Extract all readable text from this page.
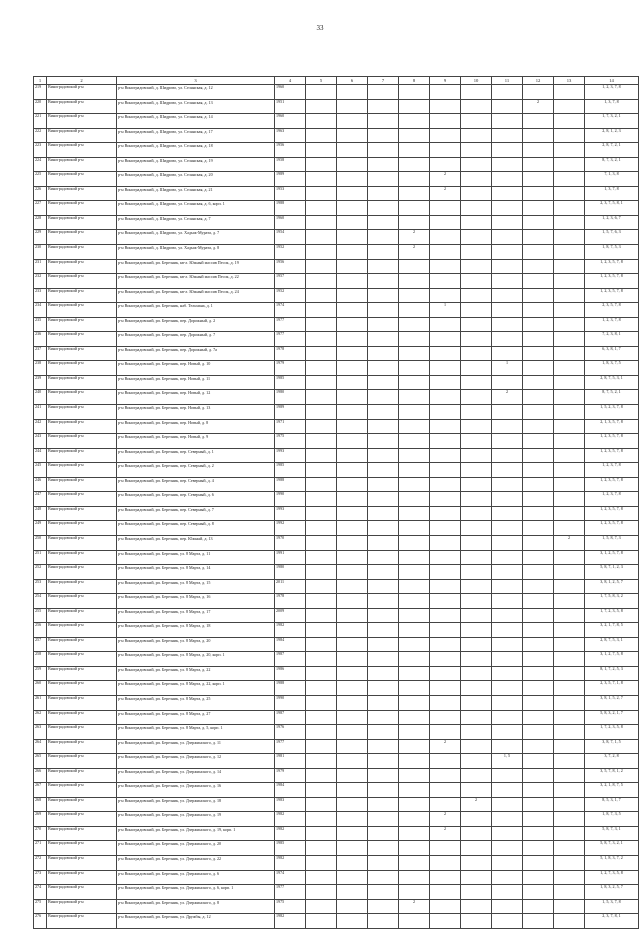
33
1	2	3	4	5	6	7	8	9	10	11	12	13	14
219	Виноградовский р-н	р-н Виноградовский, д. Шидрово, ул. Селянская, д. 12	1960										1, 2, 3, 7, 8
220	Виноградовский р-н	р-н Виноградовский, д. Шидрово, ул. Селянская, д. 13	1951								2		1, 3, 7, 8
221	Виноградовский р-н	р-н Виноградовский, д. Шидрово, ул. Селянская, д. 14	1960										1, 7, 3, 2, 1
222	Виноградовский р-н	р-н Виноградовский, д. Шидрово, ул. Селянская, д. 17	1963										2, 8, 1, 2, 3
223	Виноградовский р-н	р-н Виноградовский, д. Шидрово, ул. Селянская, д. 18	1956										2, 8, 7, 2, 1
224	Виноградовский р-н	р-н Виноградовский, д. Шидрово, ул. Селянская, д. 19	1958										8, 7, 3, 2, 1
225	Виноградовский р-н	р-н Виноградовский, д. Шидрово, ул. Селянская, д. 20	1989					2					7, 1, 3, 8
226	Виноградовский р-н	р-н Виноградовский, д. Шидрово, ул. Селянская, д. 21	1953					2					1, 3, 7, 8
227	Виноградовский р-н	р-н Виноградовский, д. Шидрово, ул. Селянская, д. 6, корп. 1	1988										2, 3, 7, 5, 8, 1
228	Виноградовский р-н	р-н Виноградовский, д. Шидрово, ул. Селянская, д. 7	1960										1, 2, 3, 6, 7
229	Виноградовский р-н	р-н Виноградовский, д. Шидрово, ул. Хадыж-Мурата, д. 7	1954				2						1, 5, 7, 6, 3
230	Виноградовский р-н	р-н Виноградовский, д. Шидрово, ул. Хадыж-Мурата, д. 8	1952				2						1, 8, 7, 5, 3
231	Виноградовский р-н	р-н Виноградовский, рп. Березник, кв-л. Южный массив Песок, д. 19	1956										1, 2, 3, 5, 7, 8
232	Виноградовский р-н	р-н Виноградовский, рп. Березник, кв-л. Южный массив Песок, д. 22	1957										1, 2, 3, 5, 7, 8
233	Виноградовский р-н	р-н Виноградовский, рп. Березник, кв-л. Южный массив Песок, д. 24	1952										1, 2, 3, 5, 7, 8
234	Виноградовский р-н	р-н Виноградовский, рп. Березник, наб. Тельмана, д. 1	1974					1					2, 3, 5, 7, 8
235	Виноградовский р-н	р-н Виноградовский, рп. Березник, пер. Дорожный, д. 2	1977										1, 2, 3, 7, 8
236	Виноградовский р-н	р-н Виноградовский, рп. Березник, пер. Дорожный, д. 7	1977										7, 2, 3, 8, 1
237	Виноградовский р-н	р-н Виноградовский, рп. Березник, пер. Дорожный, д. 7а	1978										6, 3, 8, 1, 7
238	Виноградовский р-н	р-н Виноградовский, рп. Березник, пер. Новый, д. 10	1979							1			1, 8, 3, 7, 5
239	Виноградовский р-н	р-н Виноградовский, рп. Березник, пер. Новый, д. 11	1985										2, 8, 7, 5, 3, 1
240	Виноградовский р-н	р-н Виноградовский, рп. Березник, пер. Новый, д. 12	1980							2			8, 7, 5, 2, 1
241	Виноградовский р-н	р-н Виноградовский, рп. Березник, пер. Новый, д. 13	1989										1, 5, 2, 3, 7, 8
242	Виноградовский р-н	р-н Виноградовский, рп. Березник, пер. Новый, д. 8	1971										2, 1, 3, 5, 7, 8
243	Виноградовский р-н	р-н Виноградовский, рп. Березник, пер. Новый, д. 9	1975										1, 2, 3, 5, 7, 8
244	Виноградовский р-н	р-н Виноградовский, рп. Березник, пер. Северный, д. 1	1993										1, 2, 3, 5, 7, 8
245	Виноградовский р-н	р-н Виноградовский, рп. Березник, пер. Северный, д. 2	1985										1, 2, 3, 7, 8
246	Виноградовский р-н	р-н Виноградовский, рп. Березник, пер. Северный, д. 4	1988										1, 2, 3, 5, 7, 8
247	Виноградовский р-н	р-н Виноградовский, рп. Березник, пер. Северный, д. 6	1990										1, 2, 3, 7, 8
248	Виноградовский р-н	р-н Виноградовский, рп. Березник, пер. Северный, д. 7	1993										1, 2, 3, 5, 7, 8
249	Виноградовский р-н	р-н Виноградовский, рп. Березник, пер. Северный, д. 8	1992										1, 2, 3, 5, 7, 8
250	Виноградовский р-н	р-н Виноградовский, рп. Березник, пер. Южный, д. 13	1970									2	1, 5, 8, 7, 3
251	Виноградовский р-н	р-н Виноградовский, рп. Березник, ул. 8 Марта, д. 11	1991										3, 1, 2, 5, 7, 8
252	Виноградовский р-н	р-н Виноградовский, рп. Березник, ул. 8 Марта, д. 14	1980										5, 8, 7, 1, 2, 3
253	Виноградовский р-н	р-н Виноградовский, рп. Березник, ул. 8 Марта, д. 15	2011										3, 8, 1, 2, 5, 7
254	Виноградовский р-н	р-н Виноградовский, рп. Березник, ул. 8 Марта, д. 16	1978										1, 7, 5, 8, 3, 2
255	Виноградовский р-н	р-н Виноградовский, рп. Березник, ул. 8 Марта, д. 17	2009										1, 7, 2, 3, 5, 8
256	Виноградовский р-н	р-н Виноградовский, рп. Березник, ул. 8 Марта, д. 18	1982										3, 2, 1, 7, 8, 5
257	Виноградовский р-н	р-н Виноградовский, рп. Березник, ул. 8 Марта, д. 20	1984										2, 8, 7, 5, 3, 1
258	Виноградовский р-н	р-н Виноградовский, рп. Березник, ул. 8 Марта, д. 20, корп. 1	1987										3, 1, 2, 7, 5, 8
259	Виноградовский р-н	р-н Виноградовский, рп. Березник, ул. 8 Марта, д. 22	1986										8, 1, 7, 2, 5, 3
260	Виноградовский р-н	р-н Виноградовский, рп. Березник, ул. 8 Марта, д. 22, корп. 1	1988										2, 3, 5, 7, 1, 8
261	Виноградовский р-н	р-н Виноградовский, рп. Березник, ул. 8 Марта, д. 25	1990										3, 8, 1, 5, 2, 7
262	Виноградовский р-н	р-н Виноградовский, рп. Березник, ул. 8 Марта, д. 27	1987										5, 8, 3, 2, 1, 7
263	Виноградовский р-н	р-н Виноградовский, рп. Березник, ул. 8 Марта, д. 5, корп. 1	1976										1, 7, 2, 3, 5, 8
264	Виноградовский р-н	р-н Виноградовский, рп. Березник, ул. Дзержинского, д. 11	1977					2					3, 8, 7, 1, 5
265	Виноградовский р-н	р-н Виноградовский, рп. Березник, ул. Дзержинского, д. 12	1981							1, 5			3, 7, 2, 8
266	Виноградовский р-н	р-н Виноградовский, рп. Березник, ул. Дзержинского, д. 14	1979										3, 5, 7, 8, 1, 2
267	Виноградовский р-н	р-н Виноградовский, рп. Березник, ул. Дзержинского, д. 16	1984										3, 2, 1, 8, 7, 5
268	Виноградовский р-н	р-н Виноградовский, рп. Березник, ул. Дзержинского, д. 18	1983						2				8, 5, 3, 1, 7
269	Виноградовский р-н	р-н Виноградовский, рп. Березник, ул. Дзержинского, д. 19	1982					2					1, 8, 7, 3, 5
270	Виноградовский р-н	р-н Виноградовский, рп. Березник, ул. Дзержинского, д. 19, корп. 1	1982					2					5, 8, 7, 3, 1
271	Виноградовский р-н	р-н Виноградовский, рп. Березник, ул. Дзержинского, д. 20	1985										5, 8, 7, 3, 2, 1
272	Виноградовский р-н	р-н Виноградовский, рп. Березник, ул. Дзержинского, д. 22	1982										5, 1, 8, 3, 7, 2
273	Виноградовский р-н	р-н Виноградовский, рп. Березник, ул. Дзержинского, д. 6	1974										1, 2, 7, 3, 5, 8
274	Виноградовский р-н	р-н Виноградовский, рп. Березник, ул. Дзержинского, д. 6, корп. 1	1977										1, 8, 3, 2, 5, 7
275	Виноградовский р-н	р-н Виноградовский, рп. Березник, ул. Дзержинского, д. 8	1975				2						1, 5, 3, 7, 8
276	Виноградовский р-н	р-н Виноградовский, рп. Березник, ул. Дружбы, д. 12	1982										2, 3, 7, 8, 1
